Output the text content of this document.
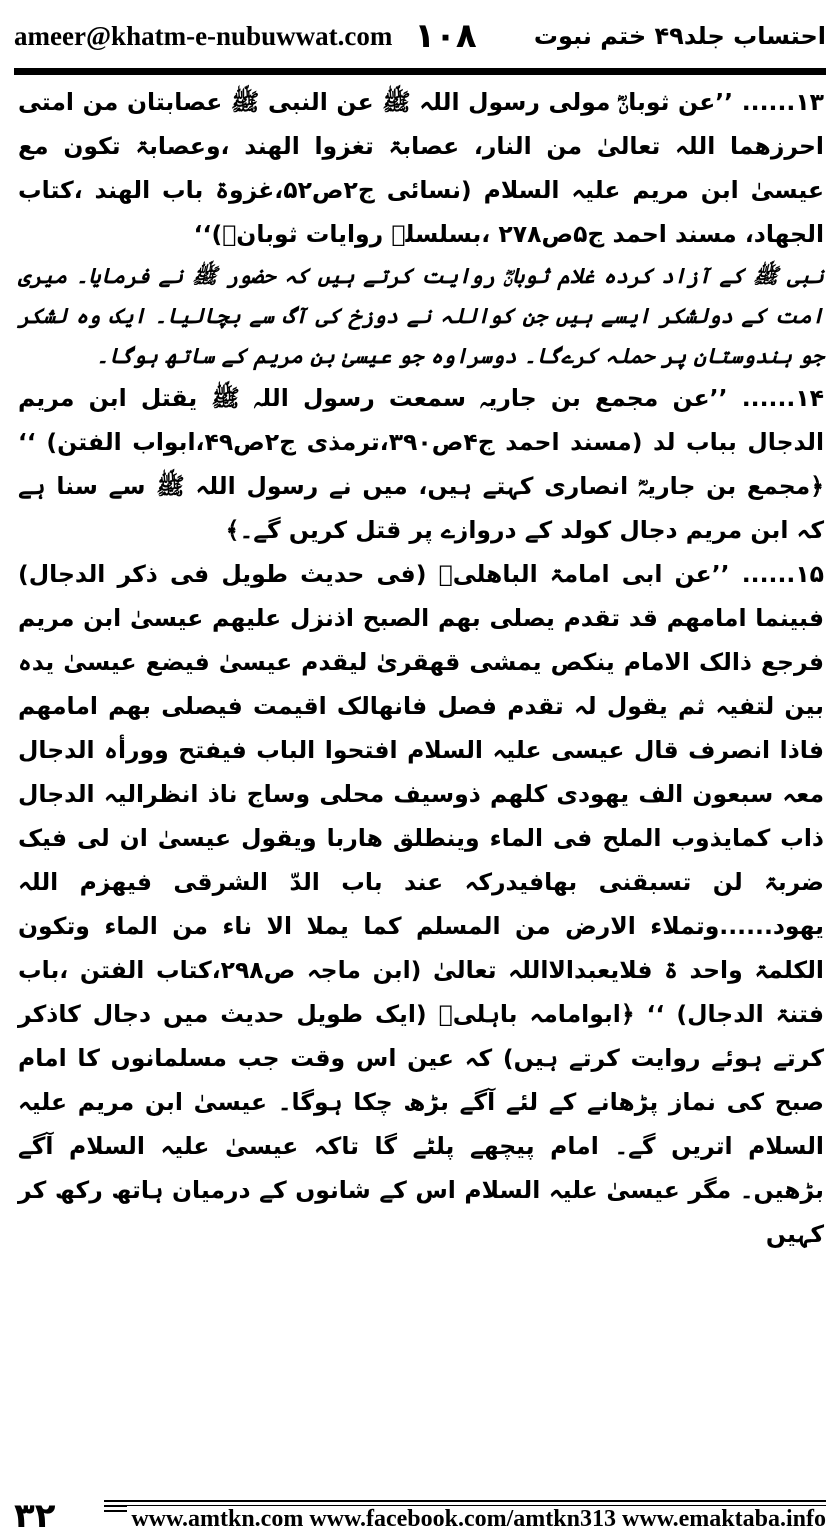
ameer@khatm-e-nubuwwat.com ۱۰۸ احتساب جلد۴۹ ختم نبوت

۱۳...... ’’عن ثوبانؓ مولی رسول اللہ ﷺ عن النبی ﷺ عصابتان من امتی احرزھما اللہ تعالیٰ من النار، عصابۃ تغزوا الھند ،وعصابۃ تکون مع عیسیٰ ابن مریم علیہ السلام (نسائی ج۲ص۵۲،غزوۃ باب الھند ،کتاب الجھاد، مسند احمد ج۵ص۲۷۸ ،بسلسلہ روایات ثوبانؓ)‘‘

نبی ﷺ کے آزاد کردہ غلام ثوبانؓ روایت کرتے ہیں کہ حضور ﷺ نے فرمایا۔ میری امت کے دولشکر ایسے ہیں جن کواللہ نے دوزخ کی آگ سے بچالیا۔ ایک وہ لشکر جو ہندوستان پر حملہ کرےگا۔ دوسراوہ جو عیسیٰ بن مریم کے ساتھ ہوگا۔

۱۴...... ’’عن مجمع بن جاریہ سمعت رسول اللہ ﷺ یقتل ابن مریم الدجال بباب لد (مسند احمد ج۴ص۳۹۰،ترمذی ج۲ص۴۹،ابواب الفتن) ‘‘ ﴿مجمع بن جاریہؓ انصاری کہتے ہیں، میں نے رسول اللہ ﷺ سے سنا ہے کہ ابن مریم دجال کولد کے دروازے پر قتل کریں گے۔﴾

۱۵...... ’’عن ابی امامۃ الباھلیؓ (فی حدیث طویل فی ذکر الدجال) فبینما امامھم قد تقدم یصلی بھم الصبح اذنزل علیھم عیسیٰ ابن مریم فرجع ذالک الامام ینکص یمشی قھقریٰ لیقدم عیسیٰ فیضع عیسیٰ یدہ بین لتفیہ ثم یقول لہ تقدم فصل فانھالک اقیمت فیصلی بھم امامھم فاذا انصرف قال عیسی علیہ السلام افتحوا الباب فیفتح وورأہ الدجال معہ سبعون الف یھودی کلھم ذوسیف محلی وساج ناذ انظرالیہ الدجال ذاب کمایذوب الملح فی الماء وینطلق ھاربا ویقول عیسیٰ ان لی فیک ضربۃ لن تسبقنی بھافیدرکہ عند باب الدّ الشرقی فیھزم اللہ یھود......وتملاء الارض من المسلم کما یملا الا ناء من الماء وتکون الکلمۃ واحد ۃ فلایعبدالااللہ تعالیٰ (ابن ماجہ ص۲۹۸،کتاب الفتن ،باب فتنۃ الدجال) ‘‘ ﴿ابوامامہ باہلیؓ (ایک طویل حدیث میں دجال کاذکر کرتے ہوئے روایت کرتے ہیں) کہ عین اس وقت جب مسلمانوں کا امام صبح کی نماز پڑھانے کے لئے آگے بڑھ چکا ہوگا۔ عیسیٰ ابن مریم علیہ السلام اتریں گے۔ امام پیچھے پلٹے گا تاکہ عیسیٰ علیہ السلام آگے بڑھیں۔ مگر عیسیٰ علیہ السلام اس کے شانوں کے درمیان ہاتھ رکھ کر کہیں

۳۲	www.amtkn.com www.facebook.com/amtkn313 www.emaktaba.info
